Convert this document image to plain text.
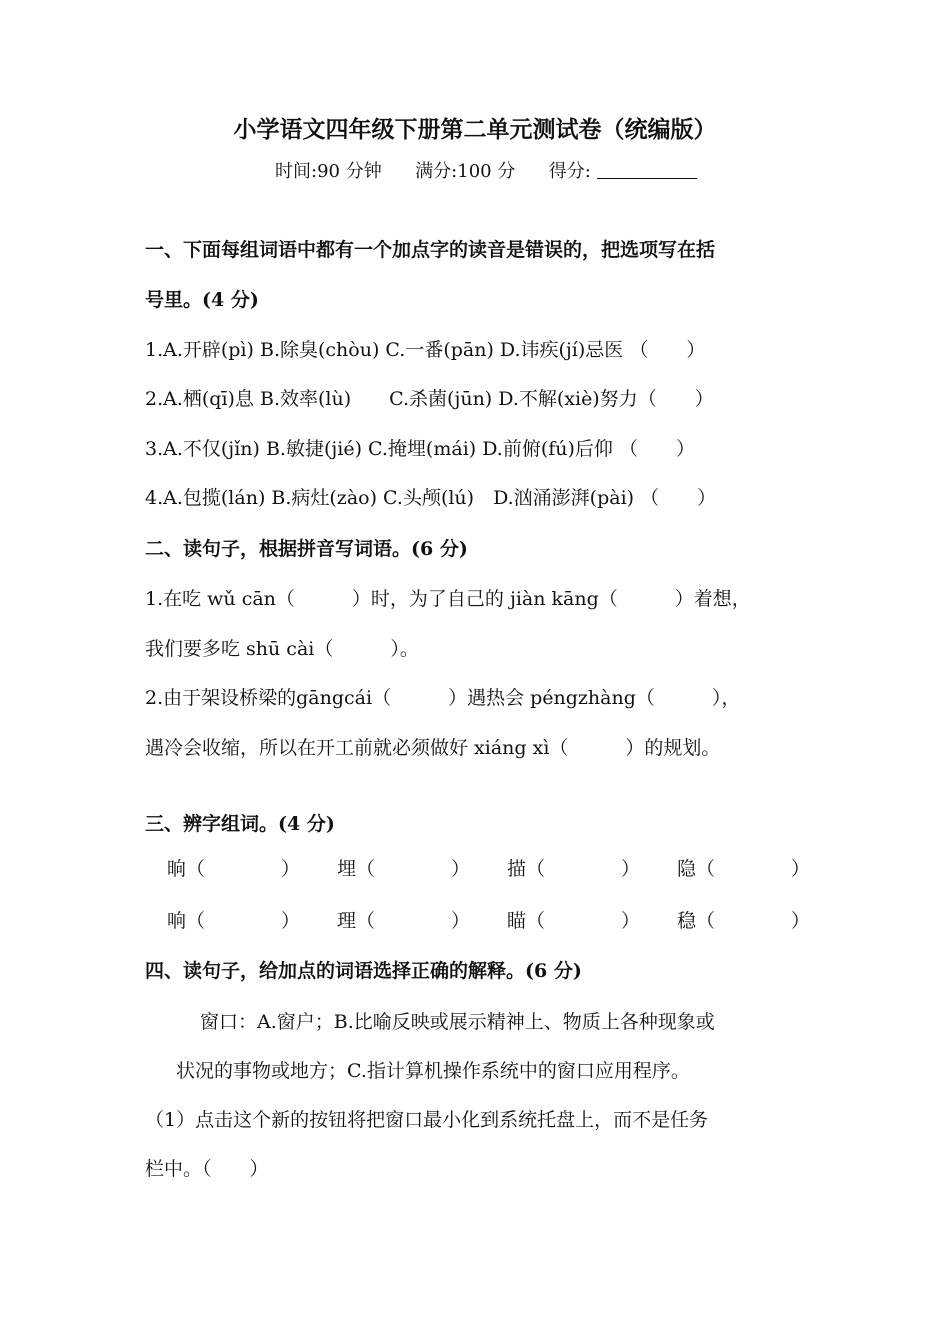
小学语文四年级下册第二单元测试卷（统编版）
时间:90 分钟 满分:100 分 得分:
一、下面每组词语中都有一个加点字的读音是错误的，把选项写在括
号里。(4 分)
1.A.开辟(pì) B.除臭(chòu) C.一番(pān) D.讳疾(jí)忌医 （　　）
2.A.栖(qī)息 B.效率(lù)　　C.杀菌(jūn) D.不解(xiè)努力（　　）
3.A.不仅(jǐn) B.敏捷(jié) C.掩埋(mái) D.前俯(fú)后仰 （　　）
4.A.包揽(lán) B.病灶(zào) C.头颅(lú)　D.汹涌澎湃(pài) （　　）
二、读句子，根据拼音写词语。(6 分)
1.在吃 wǔ cān（　　　）时，为了自己的 jiàn kāng（　　　）着想，
我们要多吃 shū cài（　　　）。
2.由于架设桥梁的gāngcái（　　　）遇热会 péngzhàng（　　　），
遇冷会收缩，所以在开工前就必须做好 xiáng xì（　　　）的规划。
三、辨字组词。(4 分)
晌（　　　　） 埋（　　　　） 描（　　　　） 隐（　　　　）
响（　　　　） 理（　　　　） 瞄（　　　　） 稳（　　　　）
四、读句子，给加点的词语选择正确的解释。(6 分)
窗口：A.窗户；B.比喻反映或展示精神上、物质上各种现象或
状况的事物或地方；C.指计算机操作系统中的窗口应用程序。
（1）点击这个新的按钮将把窗口最小化到系统托盘上，而不是任务
栏中。（　　）
